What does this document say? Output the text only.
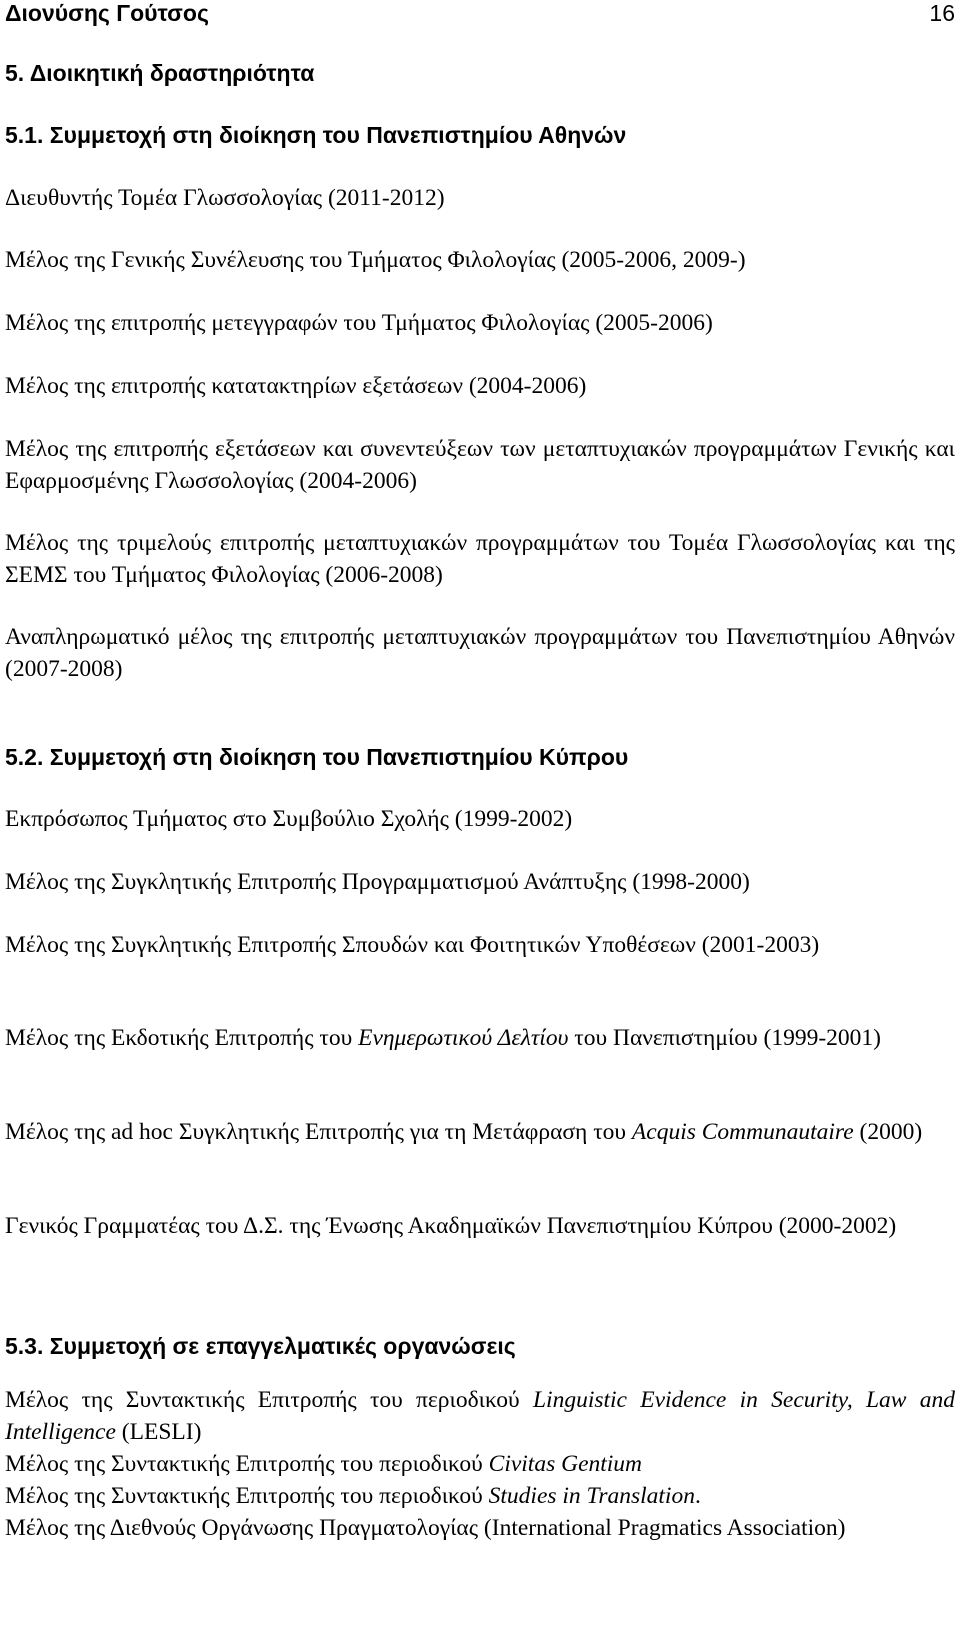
Διονύσης Γούτσος	16
5. Διοικητική δραστηριότητα
5.1. Συμμετοχή στη διοίκηση του Πανεπιστημίου Αθηνών

Διευθυντής Τομέα Γλωσσολογίας (2011-2012)

Μέλος της Γενικής Συνέλευσης του Τμήματος Φιλολογίας (2005-2006, 2009-)

Μέλος της επιτροπής μετεγγραφών του Τμήματος Φιλολογίας (2005-2006)

Μέλος της επιτροπής κατατακτηρίων εξετάσεων (2004-2006)

Μέλος της επιτροπής εξετάσεων και συνεντεύξεων των μεταπτυχιακών προγραμμάτων Γενικής και Εφαρμοσμένης Γλωσσολογίας (2004-2006)

Μέλος της τριμελούς επιτροπής μεταπτυχιακών προγραμμάτων του Τομέα Γλωσσολογίας και της ΣΕΜΣ του Τμήματος Φιλολογίας (2006-2008)

Αναπληρωματικό μέλος της επιτροπής μεταπτυχιακών προγραμμάτων του Πανεπιστημίου Αθηνών (2007-2008)

5.2. Συμμετοχή στη διοίκηση του Πανεπιστημίου Κύπρου

Εκπρόσωπος Τμήματος στο Συμβούλιο Σχολής (1999-2002)

Μέλος της Συγκλητικής Επιτροπής Προγραμματισμού Ανάπτυξης (1998-2000)

Μέλος της Συγκλητικής Επιτροπής Σπουδών και Φοιτητικών Υποθέσεων (2001-2003)

Μέλος της Εκδοτικής Επιτροπής του Ενημερωτικού Δελτίου του Πανεπιστημίου (1999-2001)

Μέλος της ad hoc Συγκλητικής Επιτροπής για τη Μετάφραση του Acquis Communautaire (2000)

Γενικός Γραμματέας του Δ.Σ. της Ένωσης Ακαδημαϊκών Πανεπιστημίου Κύπρου (2000-2002)

5.3. Συμμετοχή σε επαγγελματικές οργανώσεις

Μέλος της Συντακτικής Επιτροπής του περιοδικού Linguistic Evidence in Security, Law and Intelligence (LESLI)

Μέλος της Συντακτικής Επιτροπής του περιοδικού Civitas Gentium

Μέλος της Συντακτικής Επιτροπής του περιοδικού Studies in Translation.

Μέλος της Διεθνούς Οργάνωσης Πραγματολογίας (International Pragmatics Association)
